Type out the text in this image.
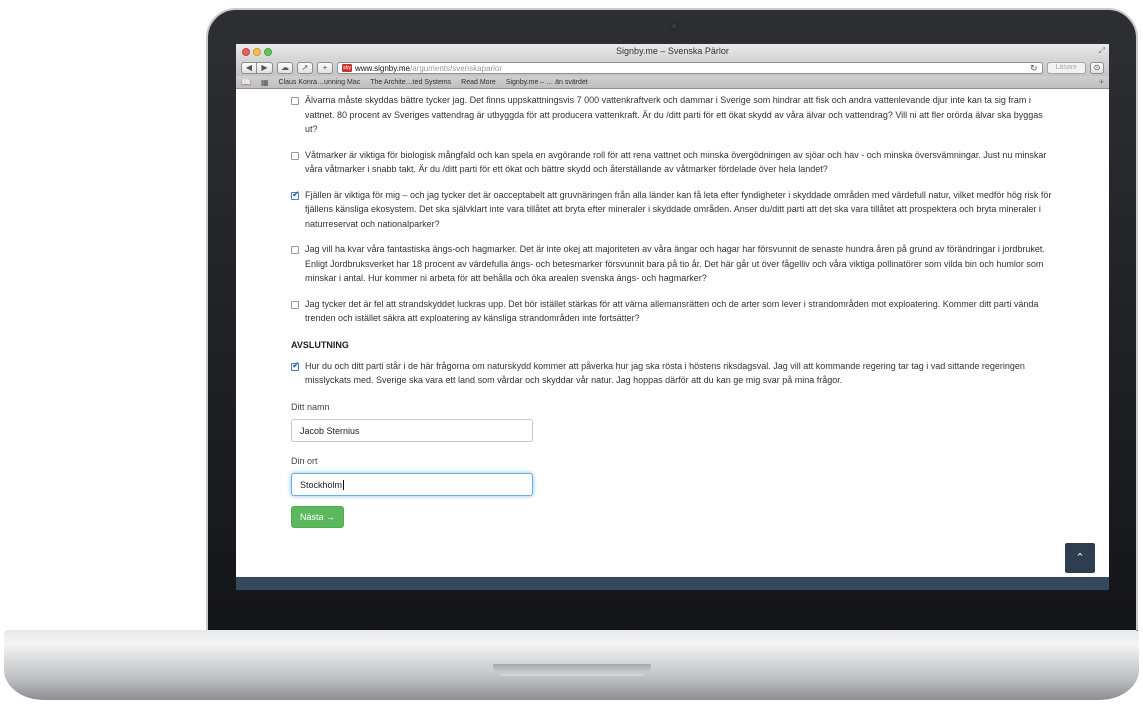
Signby.me – Svenska Pärlor	⤢
◀	▶	☁	↗	+	sby www.signby.me /arguments/svenskaparlor	↻	Läsare	⊙
📖 ▦ Claus Konra…unning Mac The Archite…ted Systems Read More Signby.me – … än svärdet	+
Älvarna måste skyddas bättre tycker jag. Det finns uppskattningsvis 7 000 vattenkraftverk och dammar i Sverige som hindrar att fisk och andra vattenlevande djur inte kan ta sig fram i vattnet. 80 procent av Sveriges vattendrag är utbyggda för att producera vattenkraft. Är du /ditt parti för ett ökat skydd av våra älvar och vattendrag? Vill ni att fler orörda älvar ska byggas ut?
Våtmarker är viktiga för biologisk mångfald och kan spela en avgörande roll för att rena vattnet och minska övergödningen av sjöar och hav - och minska översvämningar. Just nu minskar våra våtmarker i snabb takt. Är du /ditt parti för ett ökat och bättre skydd och återställande av våtmarker fördelade över hela landet?
✔
Fjällen är viktiga för mig – och jag tycker det är oacceptabelt att gruvnäringen från alla länder kan få leta efter fyndigheter i skyddade områden med värdefull natur, vilket medför hög risk för fjällens känsliga ekosystem. Det ska självklart inte vara tillåtet att bryta efter mineraler i skyddade områden. Anser du/ditt parti att det ska vara tillåtet att prospektera och bryta mineraler i naturreservat och nationalparker?
Jag vill ha kvar våra fantastiska ängs-och hagmarker. Det är inte okej att majoriteten av våra ängar och hagar har försvunnit de senaste hundra åren på grund av förändringar i jordbruket. Enligt Jordbruksverket har 18 procent av värdefulla ängs- och betesmarker försvunnit bara på tio år. Det här går ut över fågelliv och våra viktiga pollinatörer som vilda bin och humlor som minskar i antal. Hur kommer ni arbeta för att behålla och öka arealen svenska ängs- och hagmarker?
Jag tycker det är fel att strandskyddet luckras upp. Det bör istället stärkas för att värna allemansrätten och de arter som lever i strandområden mot exploatering. Kommer ditt parti vända trenden och istället säkra att exploatering av känsliga strandområden inte fortsätter?
AVSLUTNING
✔
Hur du och ditt parti står i de här frågorna om naturskydd kommer att påverka hur jag ska rösta i höstens riksdagsval. Jag vill att kommande regering tar tag i vad sittande regeringen misslyckats med. Sverige ska vara ett land som vårdar och skyddar vår natur. Jag hoppas därför att du kan ge mig svar på mina frågor.
Ditt namn
Jacob Sternius
Din ort
Stockholm
Nästa →
⌃
